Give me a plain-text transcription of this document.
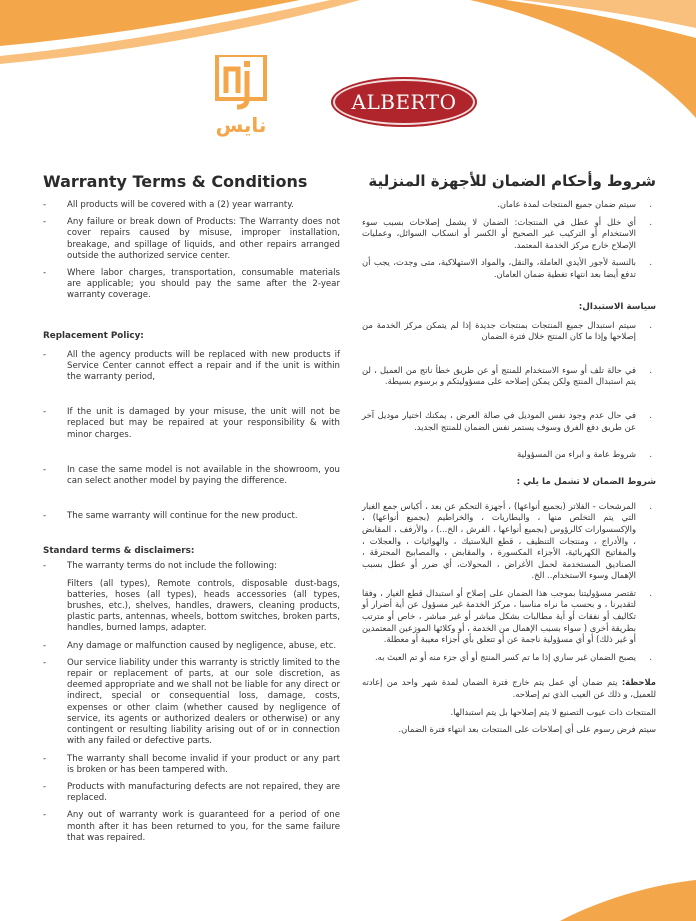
نايس
ALBERTO
Warranty Terms & Conditions
- All products will be covered with a (2) year warranty.
- Any failure or break down of Products: The Warranty does not cover repairs caused by misuse, improper installation, breakage, and spillage of liquids, and other repairs arranged outside the authorized service center.
- Where labor charges, transportation, consumable materials are applicable; you should pay the same after the 2-year warranty coverage.

Replacement Policy:

- All the agency products will be replaced with new products if Service Center cannot effect a repair and if the unit is within the warranty period,
- If the unit is damaged by your misuse, the unit will not be replaced but may be repaired at your responsibility & with minor charges.
- In case the same model is not available in the showroom, you can select another model by paying the difference.
- The same warranty will continue for the new product.

Standard terms & disclaimers:

- The warranty terms do not include the following:
Filters (all types), Remote controls, disposable dust-bags, batteries, hoses (all types), heads accessories (all types, brushes, etc.), shelves, handles, drawers, cleaning products, plastic parts, antennas, wheels, bottom switches, broken parts, handles, burned lamps, adapter.
- Any damage or malfunction caused by negligence, abuse, etc.
- Our service liability under this warranty is strictly limited to the repair or replacement of parts, at our sole discretion, as deemed appropriate and we shall not be liable for any direct or indirect, special or consequential loss, damage, costs, expenses or other claim (whether caused by negligence of service, its agents or authorized dealers or otherwise) or any contingent or resulting liability arising out of or in connection with any failed or defective parts.
- The warranty shall become invalid if your product or any part is broken or has been tampered with.
- Products with manufacturing defects are not repaired, they are replaced.
- Any out of warranty work is guaranteed for a period of one month after it has been returned to you, for the same failure that was repaired.
شروط وأحكام الضمان للأجهزة المنزلية
. سيتم ضمان جميع المنتجات لمدة عامان.
. أي خلل أو عطل في المنتجات: الضمان لا يشمل إصلاحات بسبب سوء الاستخدام أو التركيب غير الصحيح أو الكسر أو انسكاب السوائل، وعمليات الإصلاح خارج مركز الخدمة المعتمد.
. بالنسبة لأجور الأيدي العاملة، والنقل، والمواد الاستهلاكية، متى وجدت، يجب أن تدفع أيضا بعد انتهاء تغطية ضمان العامان.

سياسة الاستبدال:

. سيتم استبدال جميع المنتجات بمنتجات جديدة إذا لم يتمكن مركز الخدمة من إصلاحها وإذا ما كان المنتج خلال فترة الضمان
. في حالة تلف أو سوء الاستخدام للمنتج أو عن طريق خطأ ناتج من العميل ، لن يتم استبدال المنتج ولكن يمكن إصلاحه على مسؤوليتكم و برسوم بسيطة.
. في حال عدم وجود نفس الموديل في صالة العرض ، يمكنك اختيار موديل آخر عن طريق دفع الفرق وسوف يستمر نفس الضمان للمنتج الجديد.
. شروط عامة و ابراء من المسؤولية

شروط الضمان لا تشمل ما يلي :

. المرشحات - الفلاتر (بجميع أنواعها) ، أجهزة التحكم عن بعد ، أكياس جمع الغبار التي يتم التخلص منها ، والبطاريات ، والخراطيم (بجميع أنواعها) ، والإكسسوارات كالرؤوس (بجميع أنواعها ، الفرش ، الخ...) ، والأرفف ، المقابض ، والأدراج ، ومنتجات التنظيف ، قطع البلاستيك ، والهوائيات ، والعجلات ، والمفاتيح الكهربائية، الأجزاء المكسورة ، والمقابض ، والمصابيح المحترقة ، الصناديق المستخدمة لحمل الأغراض ، المحولات، أي ضرر أو عطل بسبب الإهمال وسوء الاستخدام.. الخ.
. تقتصر مسؤوليتنا بموجب هذا الضمان على إصلاح أو استبدال قطع الغيار ، وفقا لتقديرنا ، و بحسب ما نراه مناسبا ، مركز الخدمة غير مسؤول عن أية أضرار أو تكاليف أو نفقات أو أية مطالبات بشكل مباشر أو غير مباشر ، خاص أو مترتب بطريقة أخرى ( سواء بسبب الإهمال من الخدمة ، أو وكلائها الموزعين المعتمدين أو غير ذلك) أو أي مسؤولية ناجمة عن أو تتعلق بأي أجزاء معيبة أو معطلة.
. يصبح الضمان غير ساري إذا ما تم كسر المنتج أو أي جزء منه أو تم العبث به.

ملاحظة: يتم ضمان أي عمل يتم خارج فترة الضمان لمدة شهر واحد من إعادته للعميل، و ذلك عن العيب الذي تم إصلاحه.

المنتجات ذات عيوب التصنيع لا يتم إصلاحها بل يتم استبدالها.

سيتم فرض رسوم على أي إصلاحات على المنتجات بعد انتهاء فترة الضمان.
